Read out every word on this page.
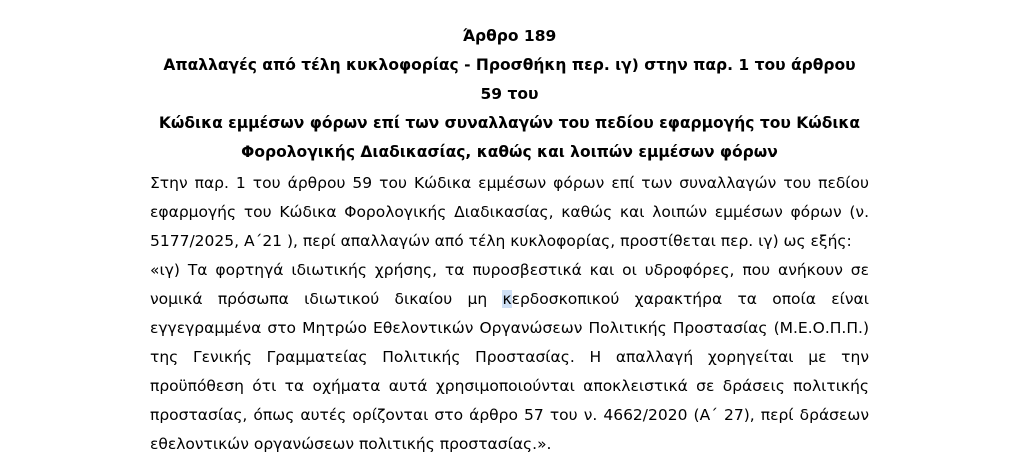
Άρθρο 189

Απαλλαγές από τέλη κυκλοφορίας - Προσθήκη περ. ιγ) στην παρ. 1 του άρθρου 59 του

Κώδικα εμμέσων φόρων επί των συναλλαγών του πεδίου εφαρμογής του Κώδικα

Φορολογικής Διαδικασίας, καθώς και λοιπών εμμέσων φόρων

Στην παρ. 1 του άρθρου 59 του Κώδικα εμμέσων φόρων επί των συναλλαγών του πεδίου εφαρμογής του Κώδικα Φορολογικής Διαδικασίας, καθώς και λοιπών εμμέσων φόρων (ν. 5177/2025, Α΄21 ), περί απαλλαγών από τέλη κυκλοφορίας, προστίθεται περ. ιγ) ως εξής:

«ιγ) Τα φορτηγά ιδιωτικής χρήσης, τα πυροσβεστικά και οι υδροφόρες, που ανήκουν σε νομικά πρόσωπα ιδιωτικού δικαίου μη κερδοσκοπικού χαρακτήρα τα οποία είναι εγγεγραμμένα στο Μητρώο Εθελοντικών Οργανώσεων Πολιτικής Προστασίας (Μ.Ε.Ο.Π.Π.) της Γενικής Γραμματείας Πολιτικής Προστασίας. Η απαλλαγή χορηγείται με την προϋπόθεση ότι τα οχήματα αυτά χρησιμοποιούνται αποκλειστικά σε δράσεις πολιτικής προστασίας, όπως αυτές ορίζονται στο άρθρο 57 του ν. 4662/2020 (Α΄ 27), περί δράσεων εθελοντικών οργανώσεων πολιτικής προστασίας.».
